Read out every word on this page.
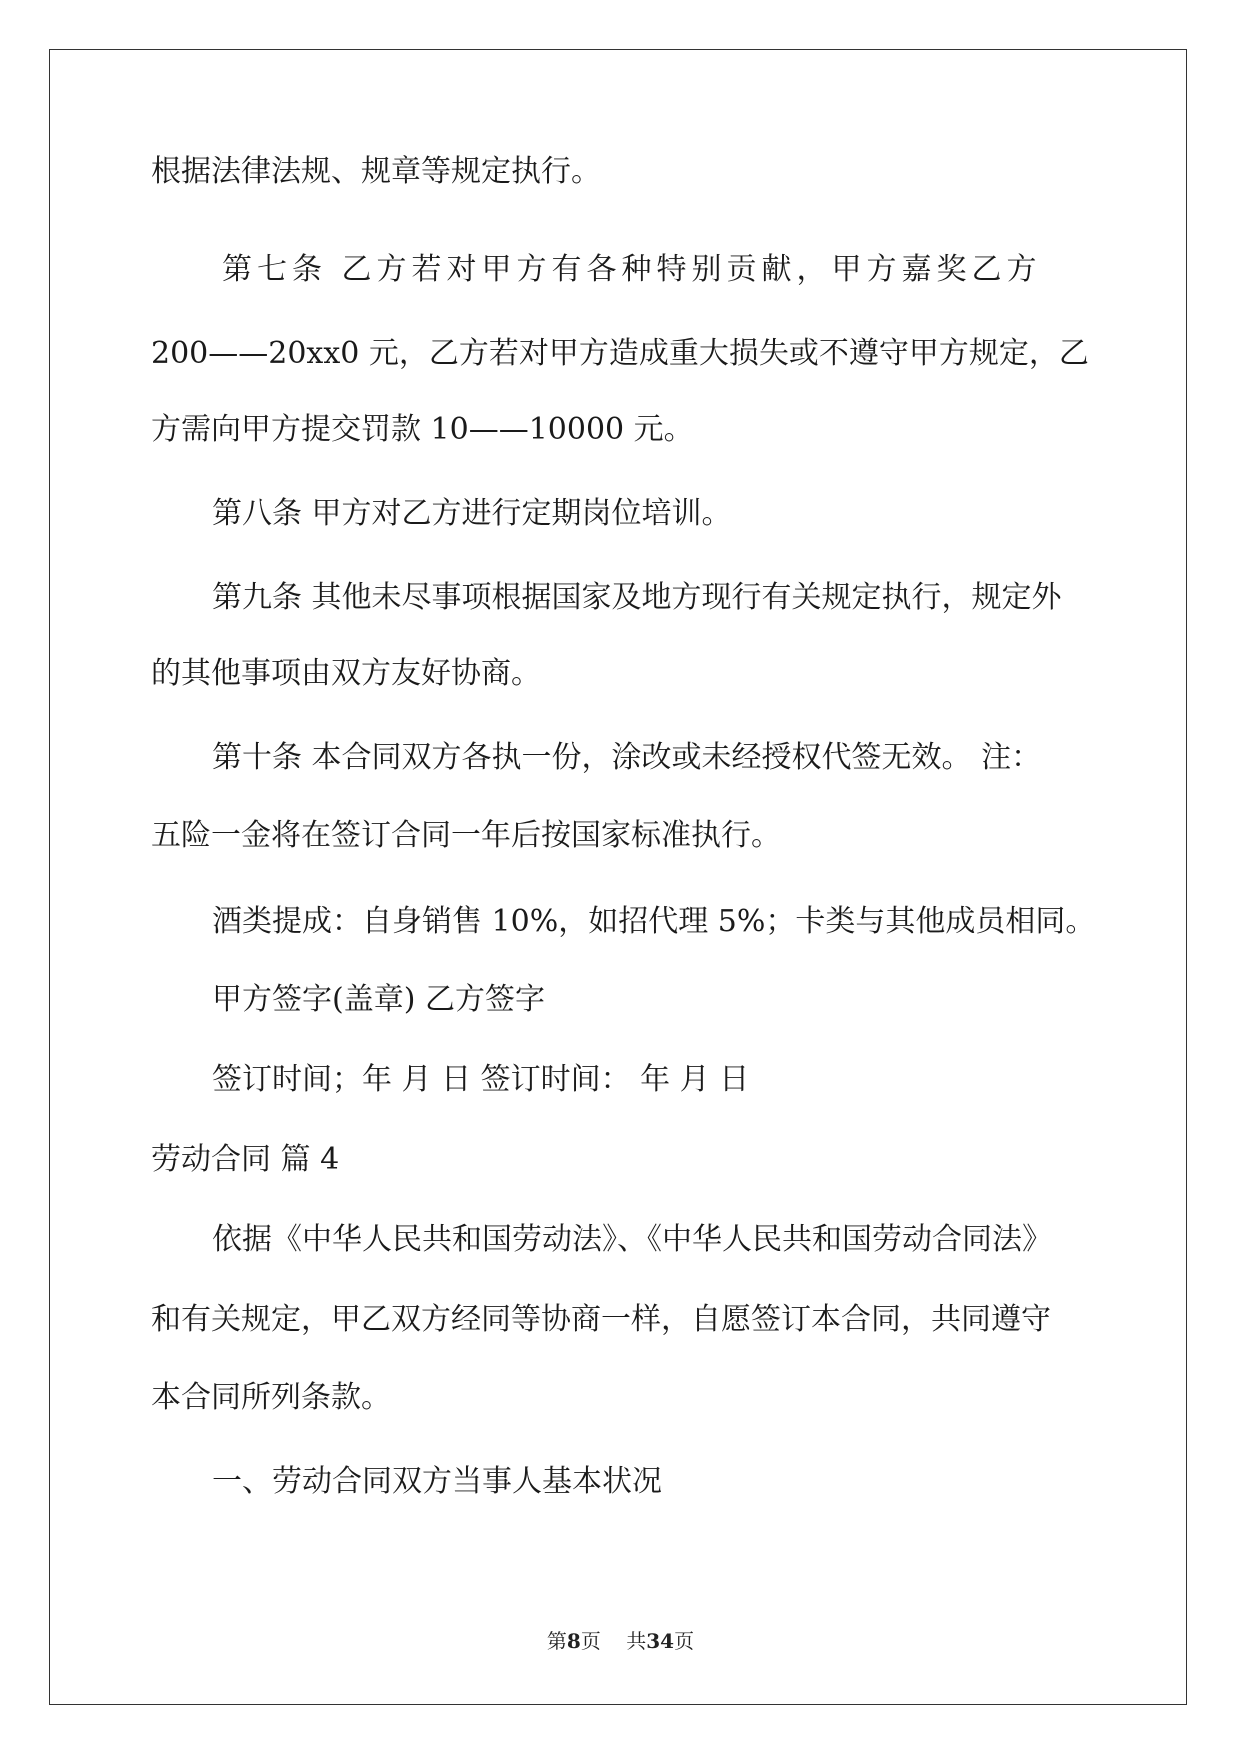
根据法律法规、规章等规定执行。
第七条 乙方若对甲方有各种特别贡献，甲方嘉奖乙方
200——20xx0 元，乙方若对甲方造成重大损失或不遵守甲方规定，乙
方需向甲方提交罚款 10——10000 元。
第八条 甲方对乙方进行定期岗位培训。
第九条 其他未尽事项根据国家及地方现行有关规定执行，规定外
的其他事项由双方友好协商。
第十条 本合同双方各执一份，涂改或未经授权代签无效。 注：
五险一金将在签订合同一年后按国家标准执行。
酒类提成：自身销售 10%，如招代理 5%；卡类与其他成员相同。
甲方签字(盖章) 乙方签字
签订时间；年 月 日 签订时间： 年 月 日
劳动合同 篇 4
依据《中华人民共和国劳动法》、《中华人民共和国劳动合同法》
和有关规定，甲乙双方经同等协商一样，自愿签订本合同，共同遵守
本合同所列条款。
一、劳动合同双方当事人基本状况
第8页    共34页
